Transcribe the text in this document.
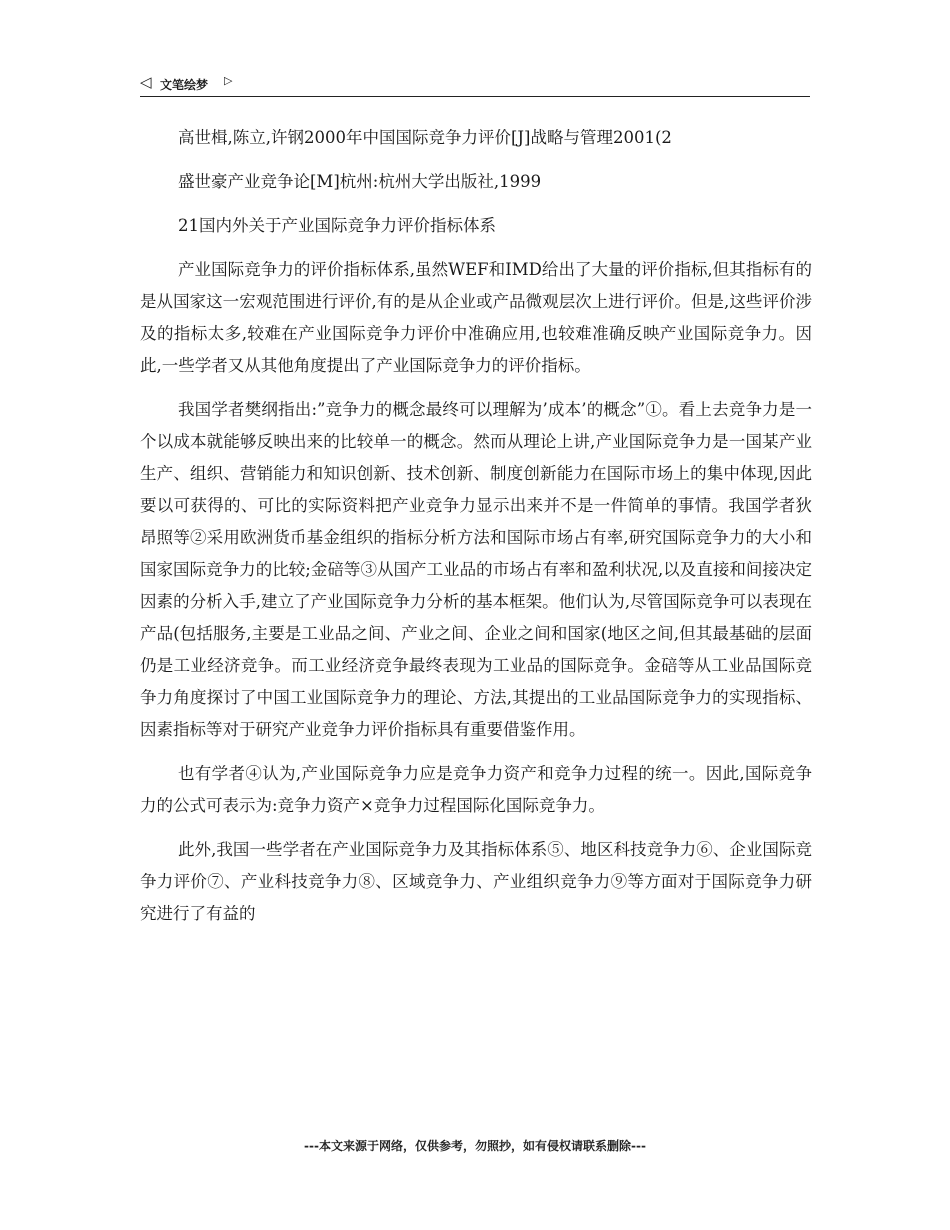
◁ 文笔绘梦 ▷

高世楫,陈立,许钢2000年中国国际竞争力评价[J]战略与管理2001(2

盛世豪产业竞争论[M]杭州:杭州大学出版社,1999

21国内外关于产业国际竞争力评价指标体系

产业国际竞争力的评价指标体系,虽然WEF和IMD给出了大量的评价指标,但其指标有的是从国家这一宏观范围进行评价,有的是从企业或产品微观层次上进行评价。但是,这些评价涉及的指标太多,较难在产业国际竞争力评价中准确应用,也较难准确反映产业国际竞争力。因此,一些学者又从其他角度提出了产业国际竞争力的评价指标。

我国学者樊纲指出:”竞争力的概念最终可以理解为’成本’的概念”①。看上去竞争力是一个以成本就能够反映出来的比较单一的概念。然而从理论上讲,产业国际竞争力是一国某产业生产、组织、营销能力和知识创新、技术创新、制度创新能力在国际市场上的集中体现,因此要以可获得的、可比的实际资料把产业竞争力显示出来并不是一件简单的事情。我国学者狄昂照等②采用欧洲货币基金组织的指标分析方法和国际市场占有率,研究国际竞争力的大小和国家国际竞争力的比较;金碚等③从国产工业品的市场占有率和盈利状况,以及直接和间接决定因素的分析入手,建立了产业国际竞争力分析的基本框架。他们认为,尽管国际竞争可以表现在产品(包括服务,主要是工业品之间、产业之间、企业之间和国家(地区之间,但其最基础的层面仍是工业经济竞争。而工业经济竞争最终表现为工业品的国际竞争。金碚等从工业品国际竞争力角度探讨了中国工业国际竞争力的理论、方法,其提出的工业品国际竞争力的实现指标、因素指标等对于研究产业竞争力评价指标具有重要借鉴作用。

也有学者④认为,产业国际竞争力应是竞争力资产和竞争力过程的统一。因此,国际竞争力的公式可表示为:竞争力资产×竞争力过程国际化国际竞争力。

此外,我国一些学者在产业国际竞争力及其指标体系⑤、地区科技竞争力⑥、企业国际竞争力评价⑦、产业科技竞争力⑧、区域竞争力、产业组织竞争力⑨等方面对于国际竞争力研究进行了有益的

---本文来源于网络，仅供参考，勿照抄，如有侵权请联系删除---
